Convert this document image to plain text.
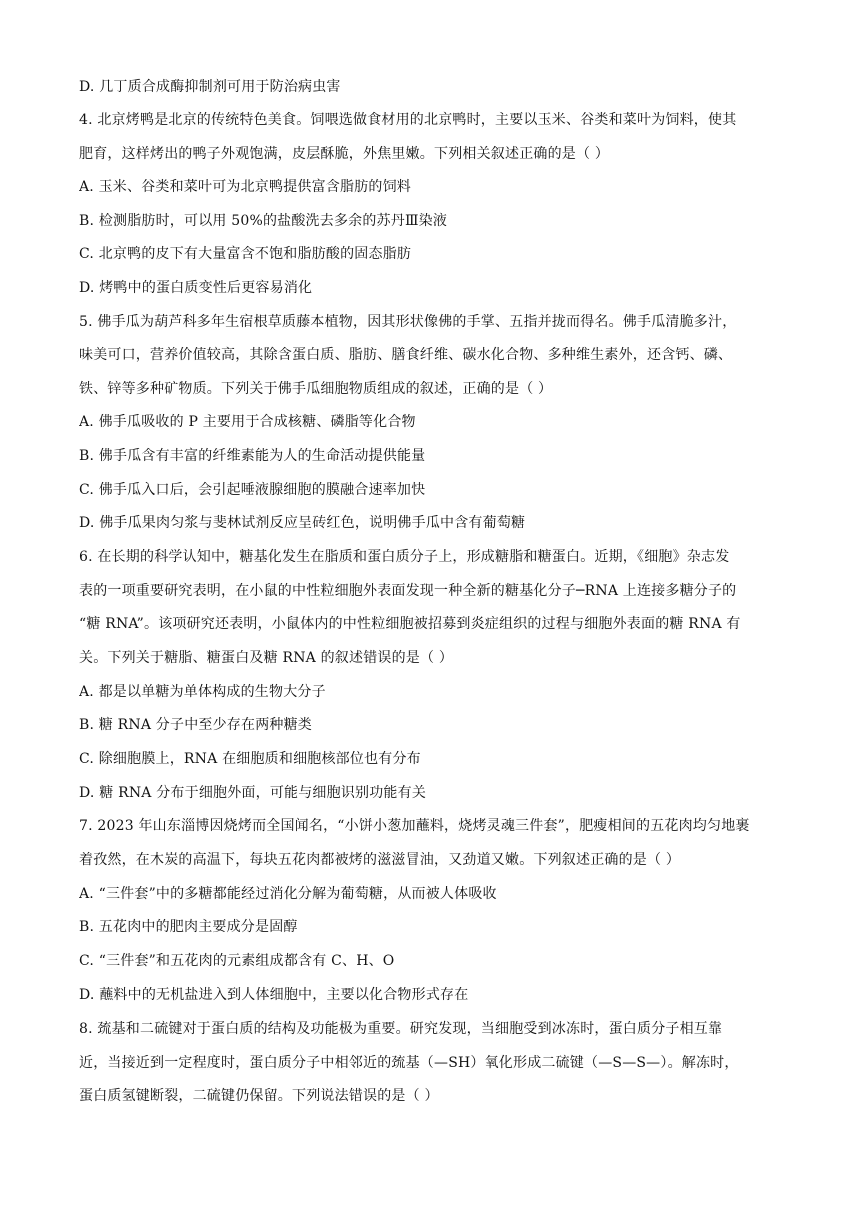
D. 几丁质合成酶抑制剂可用于防治病虫害
4. 北京烤鸭是北京的传统特色美食。饲喂选做食材用的北京鸭时，主要以玉米、谷类和菜叶为饲料，使其
肥育，这样烤出的鸭子外观饱满，皮层酥脆，外焦里嫩。下列相关叙述正确的是（ ）
A. 玉米、谷类和菜叶可为北京鸭提供富含脂肪的饲料
B. 检测脂肪时，可以用 50%的盐酸洗去多余的苏丹Ⅲ染液
C. 北京鸭的皮下有大量富含不饱和脂肪酸的固态脂肪
D. 烤鸭中的蛋白质变性后更容易消化
5. 佛手瓜为葫芦科多年生宿根草质藤本植物，因其形状像佛的手掌、五指并拢而得名。佛手瓜清脆多汁，
味美可口，营养价值较高，其除含蛋白质、脂肪、膳食纤维、碳水化合物、多种维生素外，还含钙、磷、
铁、锌等多种矿物质。下列关于佛手瓜细胞物质组成的叙述，正确的是（ ）
A. 佛手瓜吸收的 P 主要用于合成核糖、磷脂等化合物
B. 佛手瓜含有丰富的纤维素能为人的生命活动提供能量
C. 佛手瓜入口后，会引起唾液腺细胞的膜融合速率加快
D. 佛手瓜果肉匀浆与斐林试剂反应呈砖红色，说明佛手瓜中含有葡萄糖
6. 在长期的科学认知中，糖基化发生在脂质和蛋白质分子上，形成糖脂和糖蛋白。近期，《细胞》杂志发
表的一项重要研究表明，在小鼠的中性粒细胞外表面发现一种全新的糖基化分子─RNA 上连接多糖分子的
“糖 RNA”。该项研究还表明，小鼠体内的中性粒细胞被招募到炎症组织的过程与细胞外表面的糖 RNA 有
关。下列关于糖脂、糖蛋白及糖 RNA 的叙述错误的是（ ）
A. 都是以单糖为单体构成的生物大分子
B. 糖 RNA 分子中至少存在两种糖类
C. 除细胞膜上，RNA 在细胞质和细胞核部位也有分布
D. 糖 RNA 分布于细胞外面，可能与细胞识别功能有关
7. 2023 年山东淄博因烧烤而全国闻名，“小饼小葱加蘸料，烧烤灵魂三件套”，肥瘦相间的五花肉均匀地裹
着孜然，在木炭的高温下，每块五花肉都被烤的滋滋冒油，又劲道又嫩。下列叙述正确的是（ ）
A. “三件套”中的多糖都能经过消化分解为葡萄糖，从而被人体吸收
B. 五花肉中的肥肉主要成分是固醇
C. “三件套”和五花肉的元素组成都含有 C、H、O
D. 蘸料中的无机盐进入到人体细胞中，主要以化合物形式存在
8. 巯基和二硫键对于蛋白质的结构及功能极为重要。研究发现，当细胞受到冰冻时，蛋白质分子相互靠
近，当接近到一定程度时，蛋白质分子中相邻近的巯基（—SH）氧化形成二硫键（—S—S—）。解冻时，
蛋白质氢键断裂，二硫键仍保留。下列说法错误的是（ ）
